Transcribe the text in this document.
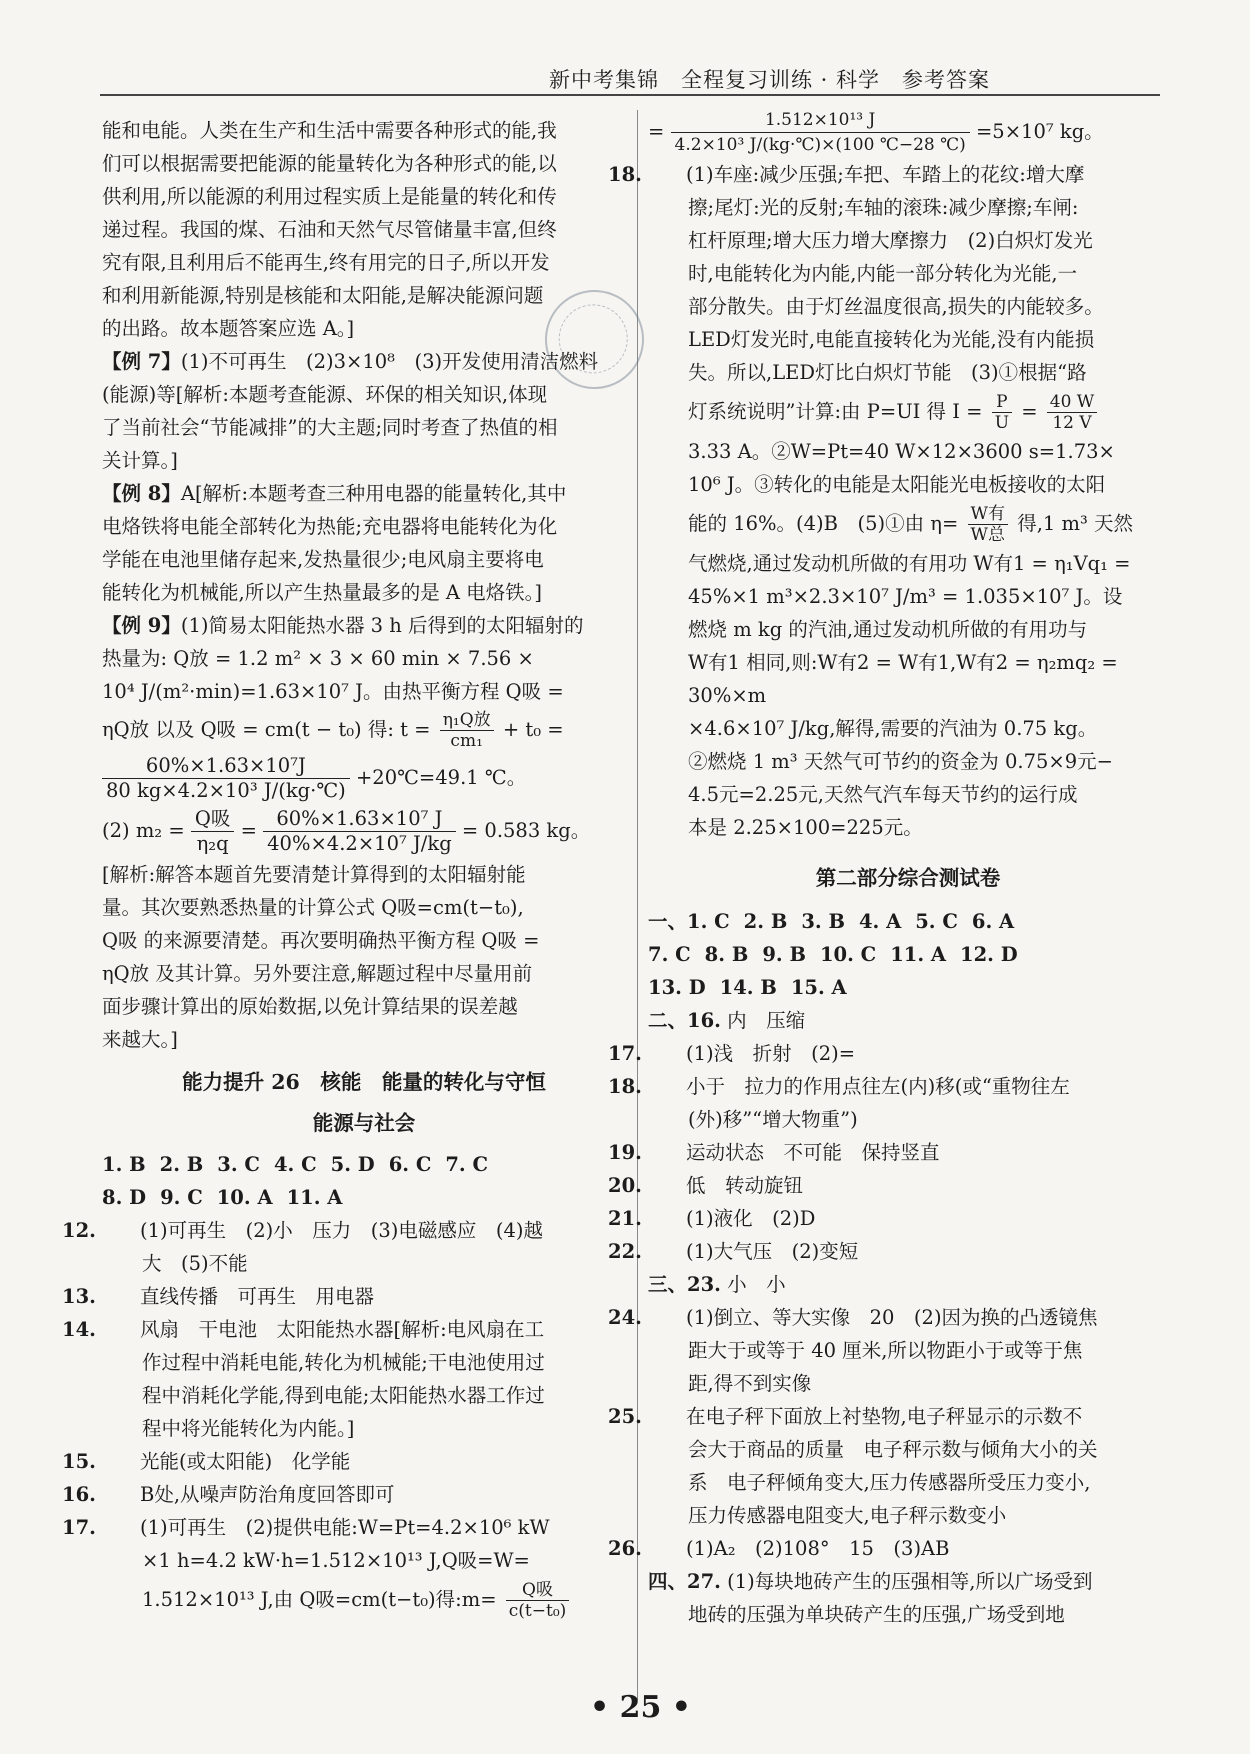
新中考集锦　全程复习训练 · 科学　参考答案

能和电能。人类在生产和生活中需要各种形式的能,我

们可以根据需要把能源的能量转化为各种形式的能,以

供利用,所以能源的利用过程实质上是能量的转化和传

递过程。我国的煤、石油和天然气尽管储量丰富,但终

究有限,且利用后不能再生,终有用完的日子,所以开发

和利用新能源,特别是核能和太阳能,是解决能源问题

的出路。故本题答案应选 A。]

【例 7】(1)不可再生　(2)3×10⁸　(3)开发使用清洁燃料

(能源)等[解析:本题考查能源、环保的相关知识,体现

了当前社会“节能减排”的大主题;同时考查了热值的相

关计算。]

【例 8】A[解析:本题考查三种用电器的能量转化,其中

电烙铁将电能全部转化为热能;充电器将电能转化为化

学能在电池里储存起来,发热量很少;电风扇主要将电

能转化为机械能,所以产生热量最多的是 A 电烙铁。]

【例 9】(1)简易太阳能热水器 3 h 后得到的太阳辐射的

热量为: Q放 = 1.2 m² × 3 × 60 min × 7.56 ×

10⁴ J/(m²·min)=1.63×10⁷ J。由热平衡方程 Q吸 =

ηQ放 以及 Q吸 = cm(t − t₀) 得: $t = \frac{\text{η₁Q放}}{\text{cm₁}} + t_0$ =

$\frac{\text{60\%×1.63×10⁷J}}{\text{80 kg×4.2×10³ J/(kg·℃)}}$ +20℃=49.1 ℃。

(2) m₂ =
Q吸
η₂q
= $\frac{\text{60\%×1.63×10⁷ J}}{\text{40\%×4.2×10⁷ J/kg}} = 0.583$ kg。

[解析:解答本题首先要清楚计算得到的太阳辐射能

量。其次要熟悉热量的计算公式 Q吸=cm(t−t₀),

Q吸 的来源要清楚。再次要明确热平衡方程 Q吸 =

ηQ放 及其计算。另外要注意,解题过程中尽量用前

面步骤计算出的原始数据,以免计算结果的误差越

来越大。]

能力提升 26　核能　能量的转化与守恒

能源与社会

1. B 2. B 3. C 4. C 5. D 6. C 7. C

8. D 9. C 10. A 11. A

12. (1)可再生　(2)小　压力　(3)电磁感应　(4)越

大　(5)不能

13. 直线传播　可再生　用电器

14. 风扇　干电池　太阳能热水器[解析:电风扇在工

作过程中消耗电能,转化为机械能;干电池使用过

程中消耗化学能,得到电能;太阳能热水器工作过

程中将光能转化为内能。]

15. 光能(或太阳能)　化学能

16. B处,从噪声防治角度回答即可

17. (1)可再生　(2)提供电能:W=Pt=4.2×10⁶ kW

×1 h=4.2 kW·h=1.512×10¹³ J,Q吸=W=

1.512×10¹³ J,由 Q吸=cm(t−t₀)得:m= $\frac{\text{Q吸}}{\text{c(t−t₀)}}$

= $\frac{\text{1.512×10¹³ J}}{\text{4.2×10³ J/(kg·℃)×(100 ℃−28 ℃)}} =5\times 10^7$ kg。

18. (1)车座:减少压强;车把、车踏上的花纹:增大摩

擦;尾灯:光的反射;车轴的滚珠:减少摩擦;车闸:

杠杆原理;增大压力增大摩擦力　(2)白炽灯发光

时,电能转化为内能,内能一部分转化为光能,一

部分散失。由于灯丝温度很高,损失的内能较多。

LED灯发光时,电能直接转化为光能,没有内能损

失。所以,LED灯比白炽灯节能　(3)①根据“路

灯系统说明”计算:由 P=UI 得 $I = \frac{P}{U} = \frac{40 W}{12 V}$

3.33 A。②W=Pt=40 W×12×3600 s=1.73×

10⁶ J。③转化的电能是太阳能光电板接收的太阳

能的 16%。(4)B　(5)①由 $\eta= \frac{\text{W有}}{\text{W总}}$ 得,1 m³ 天然

气燃烧,通过发动机所做的有用功 W有1 = η₁Vq₁ =

45%×1 m³×2.3×10⁷ J/m³ = 1.035×10⁷ J。设

燃烧 m kg 的汽油,通过发动机所做的有用功与

W有1 相同,则:W有2 = W有1,W有2 = η₂mq₂ = 30%×m

×4.6×10⁷ J/kg,解得,需要的汽油为 0.75 kg。

②燃烧 1 m³ 天然气可节约的资金为 0.75×9元−

4.5元=2.25元,天然气汽车每天节约的运行成

本是 2.25×100=225元。

第二部分综合测试卷

一、1. C 2. B 3. B 4. A 5. C 6. A

7. C 8. B 9. B 10. C 11. A 12. D

13. D 14. B 15. A

二、16. 内　压缩

17. (1)浅　折射　(2)=

18. 小于　拉力的作用点往左(内)移(或“重物往左

(外)移”“增大物重”)

19. 运动状态　不可能　保持竖直

20. 低　转动旋钮

21. (1)液化　(2)D

22. (1)大气压　(2)变短

三、23. 小　小

24. (1)倒立、等大实像　20　(2)因为换的凸透镜焦

距大于或等于 40 厘米,所以物距小于或等于焦

距,得不到实像

25. 在电子秤下面放上衬垫物,电子秤显示的示数不

会大于商品的质量　电子秤示数与倾角大小的关

系　电子秤倾角变大,压力传感器所受压力变小,

压力传感器电阻变大,电子秤示数变小

26. (1)A₂　(2)108°　15　(3)AB

四、27. (1)每块地砖产生的压强相等,所以广场受到

地砖的压强为单块砖产生的压强,广场受到地

• 25 •
